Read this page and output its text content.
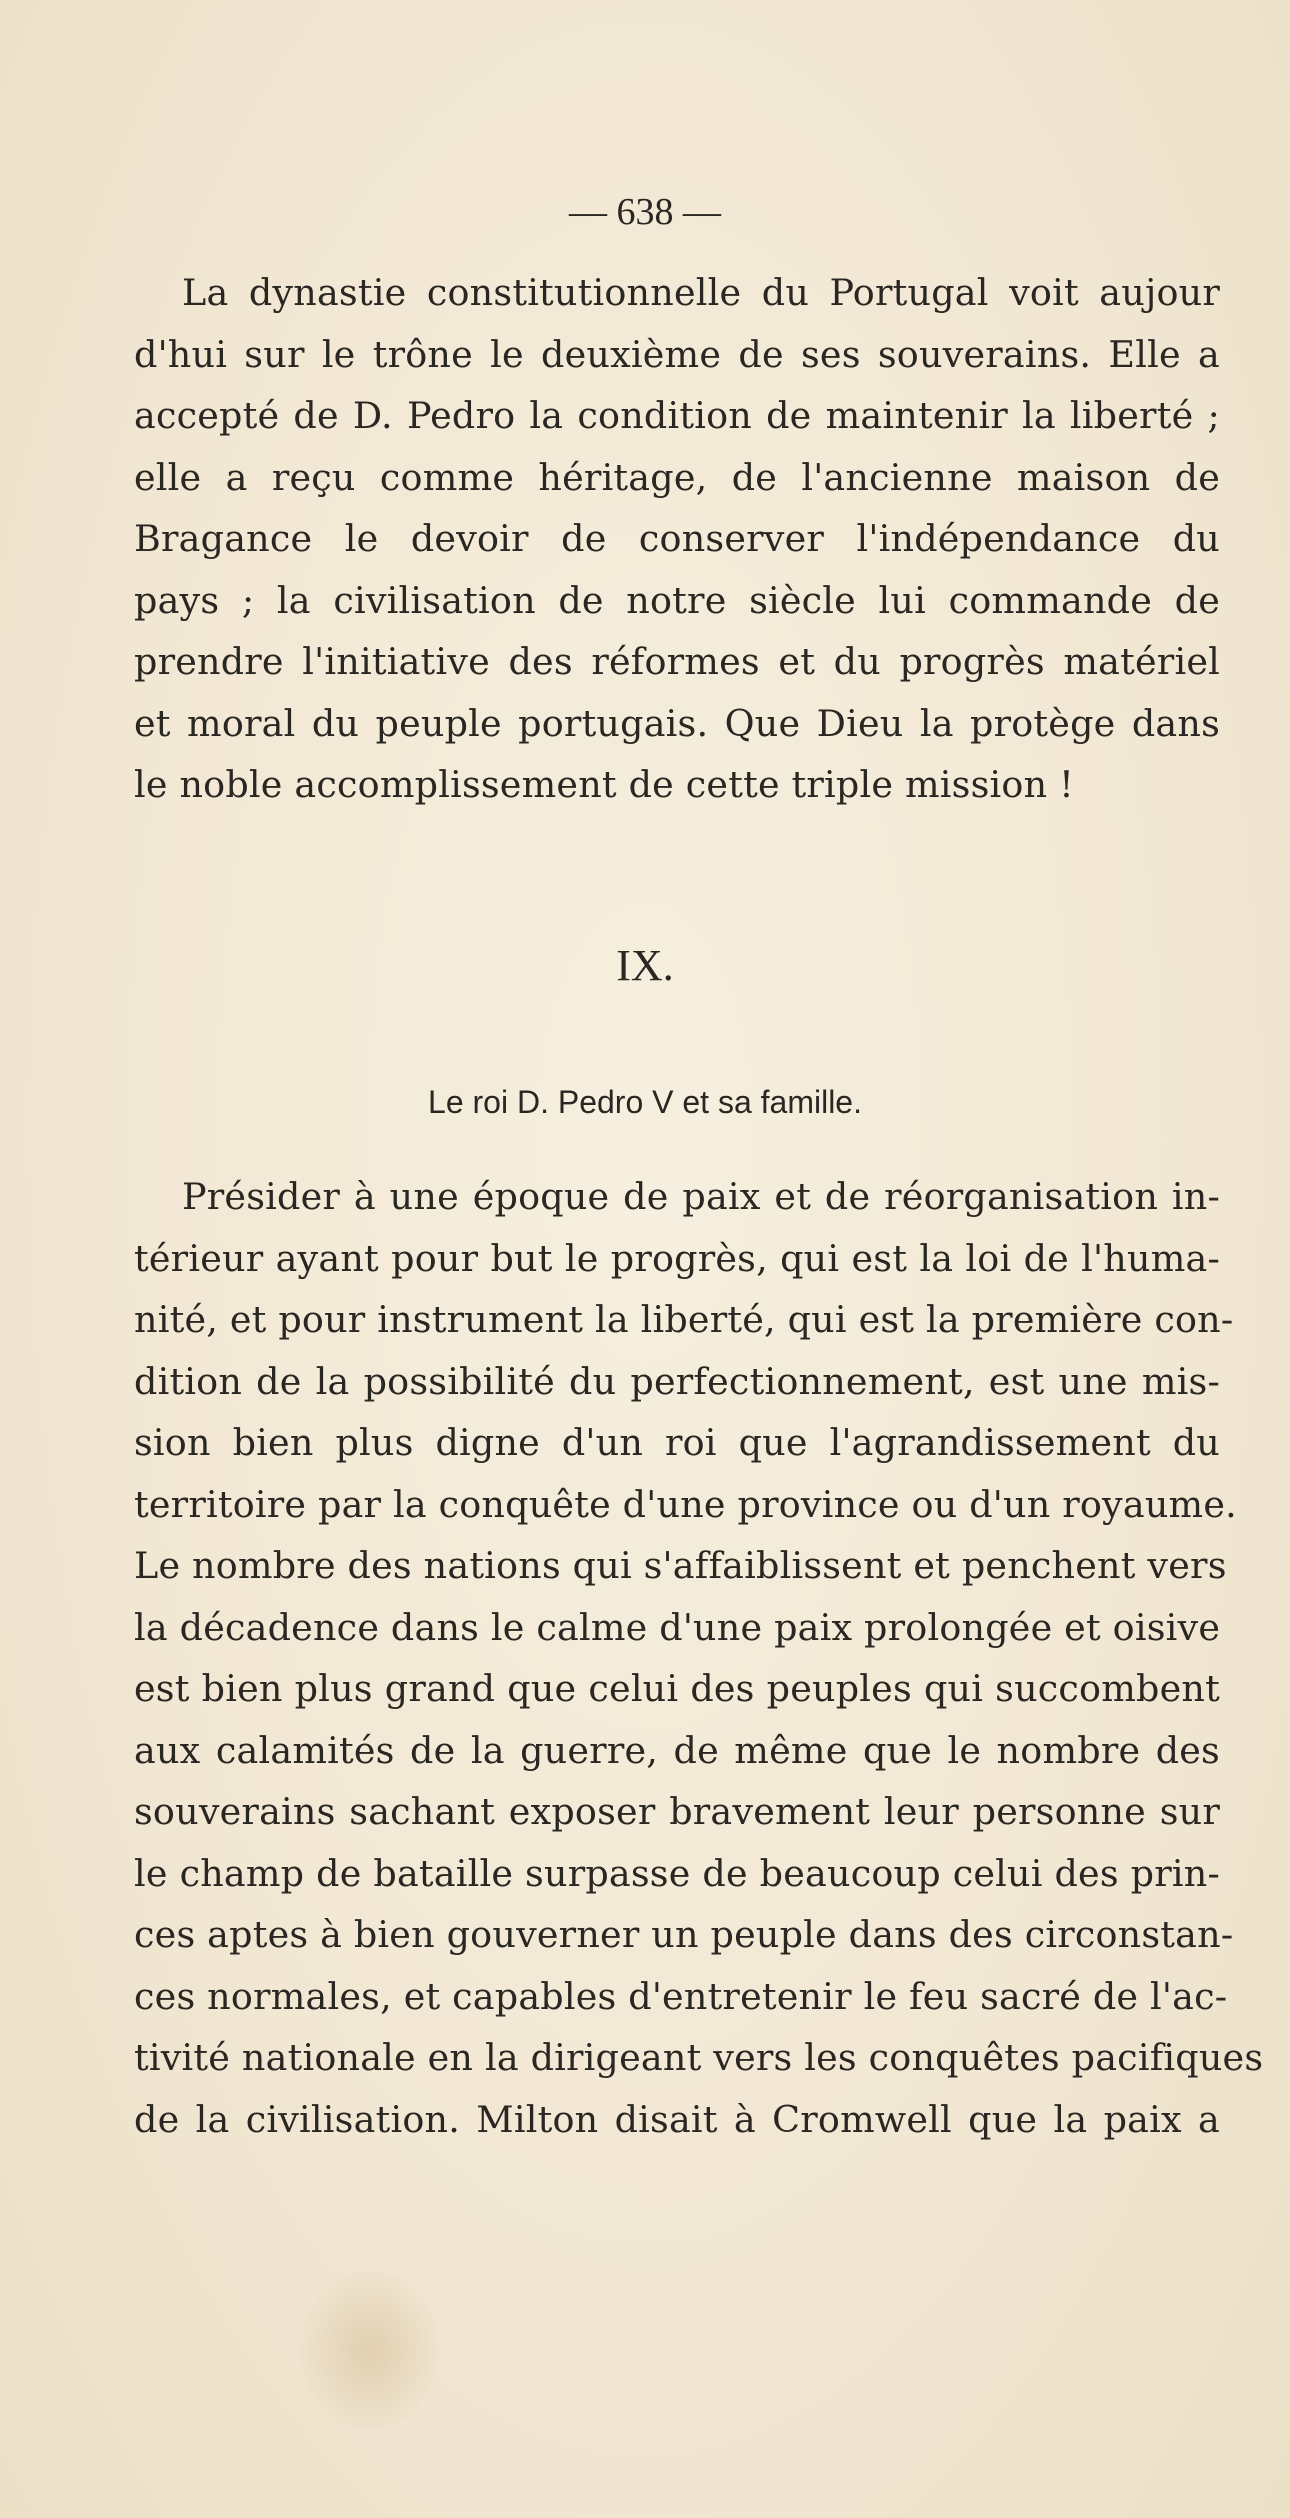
— 638 —
La dynastie constitutionnelle du Portugal voit aujour
d'hui sur le trône le deuxième de ses souverains. Elle a
accepté de D. Pedro la condition de maintenir la liberté ;
elle a reçu comme héritage, de l'ancienne maison de
Bragance le devoir de conserver l'indépendance du
pays ; la civilisation de notre siècle lui commande de
prendre l'initiative des réformes et du progrès matériel
et moral du peuple portugais. Que Dieu la protège dans
le noble accomplissement de cette triple mission !
IX.
Le roi D. Pedro V et sa famille.
Présider à une époque de paix et de réorganisation in-
térieur ayant pour but le progrès, qui est la loi de l'huma-
nité, et pour instrument la liberté, qui est la première con-
dition de la possibilité du perfectionnement, est une mis-
sion bien plus digne d'un roi que l'agrandissement du
territoire par la conquête d'une province ou d'un royaume.
Le nombre des nations qui s'affaiblissent et penchent vers
la décadence dans le calme d'une paix prolongée et oisive
est bien plus grand que celui des peuples qui succombent
aux calamités de la guerre, de même que le nombre des
souverains sachant exposer bravement leur personne sur
le champ de bataille surpasse de beaucoup celui des prin-
ces aptes à bien gouverner un peuple dans des circonstan-
ces normales, et capables d'entretenir le feu sacré de l'ac-
tivité nationale en la dirigeant vers les conquêtes pacifiques
de la civilisation. Milton disait à Cromwell que la paix a
